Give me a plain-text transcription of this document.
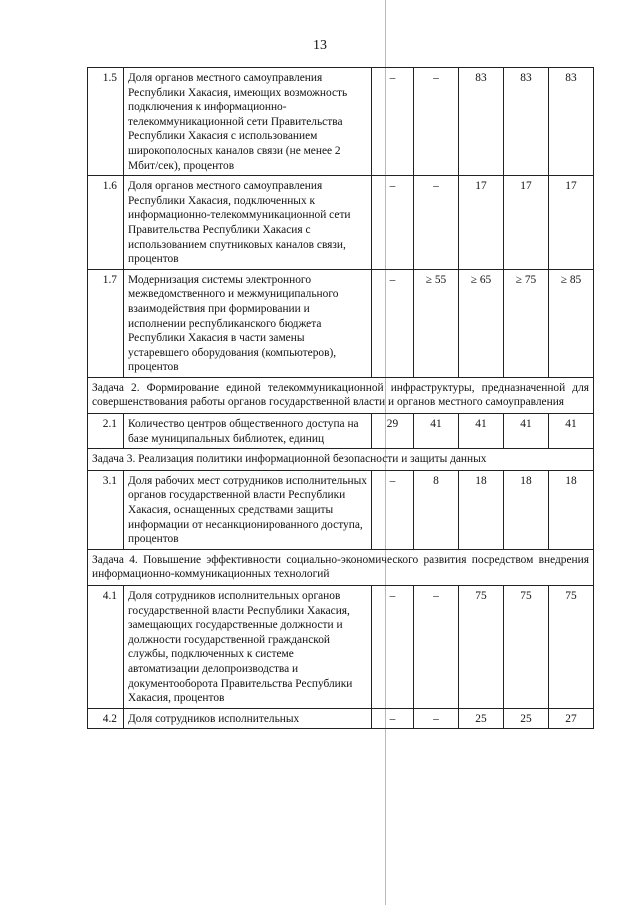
13
1.5	Доля органов местного самоуправления Республики Хакасия, имеющих возможность подключения к информационно-телекоммуникационной сети Правительства Республики Хакасия с использованием широкополосных каналов связи (не менее 2 Мбит/сек), процентов	–	–	83	83	83
1.6	Доля органов местного самоуправления Республики Хакасия, подключенных к информационно-телекоммуникационной сети Правительства Республики Хакасия с использованием спутниковых каналов связи, процентов	–	–	17	17	17
1.7	Модернизация системы электронного межведомственного и межмуниципального взаимодействия при формировании и исполнении республиканского бюджета Республики Хакасия в части замены устаревшего оборудования (компьютеров), процентов	–	≥ 55	≥ 65	≥ 75	≥ 85

Задача 2. Формирование единой телекоммуникационной инфраструктуры, предназначенной для совершенствования работы органов государственной власти и органов местного самоуправления						

2.1	Количество центров общественного доступа на базе муниципальных библиотек, единиц	29	41	41	41	41

Задача 3. Реализация политики информационной безопасности и защиты данных						

3.1	Доля рабочих мест сотрудников исполнительных органов государственной власти Республики Хакасия, оснащенных средствами защиты информации от несанкционированного доступа, процентов	–	8	18	18	18

Задача 4. Повышение эффективности социально-экономического развития посредством внедрения информационно-коммуникационных технологий						

4.1	Доля сотрудников исполнительных органов государственной власти Республики Хакасия, замещающих государственные должности и должности государственной гражданской службы, подключенных к системе автоматизации делопроизводства и документооборота Правительства Республики Хакасия, процентов	–	–	75	75	75
4.2	Доля сотрудников исполнительных	–	–	25	25	27
